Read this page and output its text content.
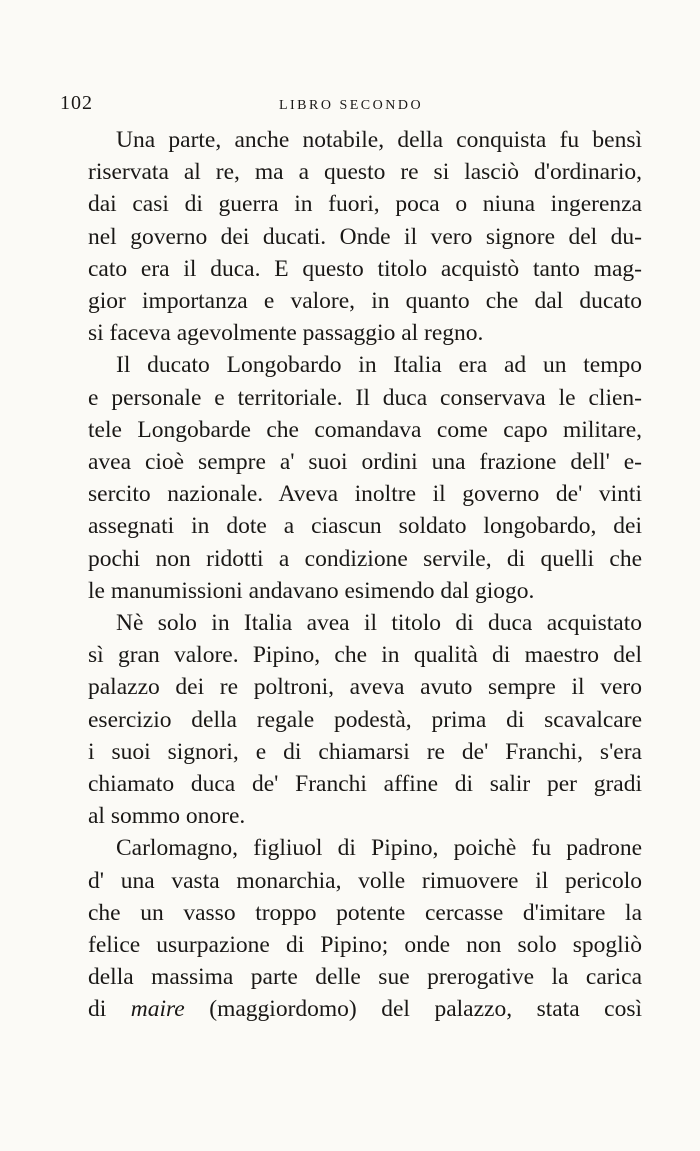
102	LIBRO SECONDO
Una parte, anche notabile, della conquista fu bensì
riservata al re, ma a questo re si lasciò d'ordinario,
dai casi di guerra in fuori, poca o niuna ingerenza
nel governo dei ducati. Onde il vero signore del du-
cato era il duca. E questo titolo acquistò tanto mag-
gior importanza e valore, in quanto che dal ducato
si faceva agevolmente passaggio al regno.
Il ducato Longobardo in Italia era ad un tempo
e personale e territoriale. Il duca conservava le clien-
tele Longobarde che comandava come capo militare,
avea cioè sempre a' suoi ordini una frazione dell' e-
sercito nazionale. Aveva inoltre il governo de' vinti
assegnati in dote a ciascun soldato longobardo, dei
pochi non ridotti a condizione servile, di quelli che
le manumissioni andavano esimendo dal giogo.
Nè solo in Italia avea il titolo di duca acquistato
sì gran valore. Pipino, che in qualità di maestro del
palazzo dei re poltroni, aveva avuto sempre il vero
esercizio della regale podestà, prima di scavalcare
i suoi signori, e di chiamarsi re de' Franchi, s'era
chiamato duca de' Franchi affine di salir per gradi
al sommo onore.
Carlomagno, figliuol di Pipino, poichè fu padrone
d' una vasta monarchia, volle rimuovere il pericolo
che un vasso troppo potente cercasse d'imitare la
felice usurpazione di Pipino; onde non solo spogliò
della massima parte delle sue prerogative la carica
di maire (maggiordomo) del palazzo, stata così
